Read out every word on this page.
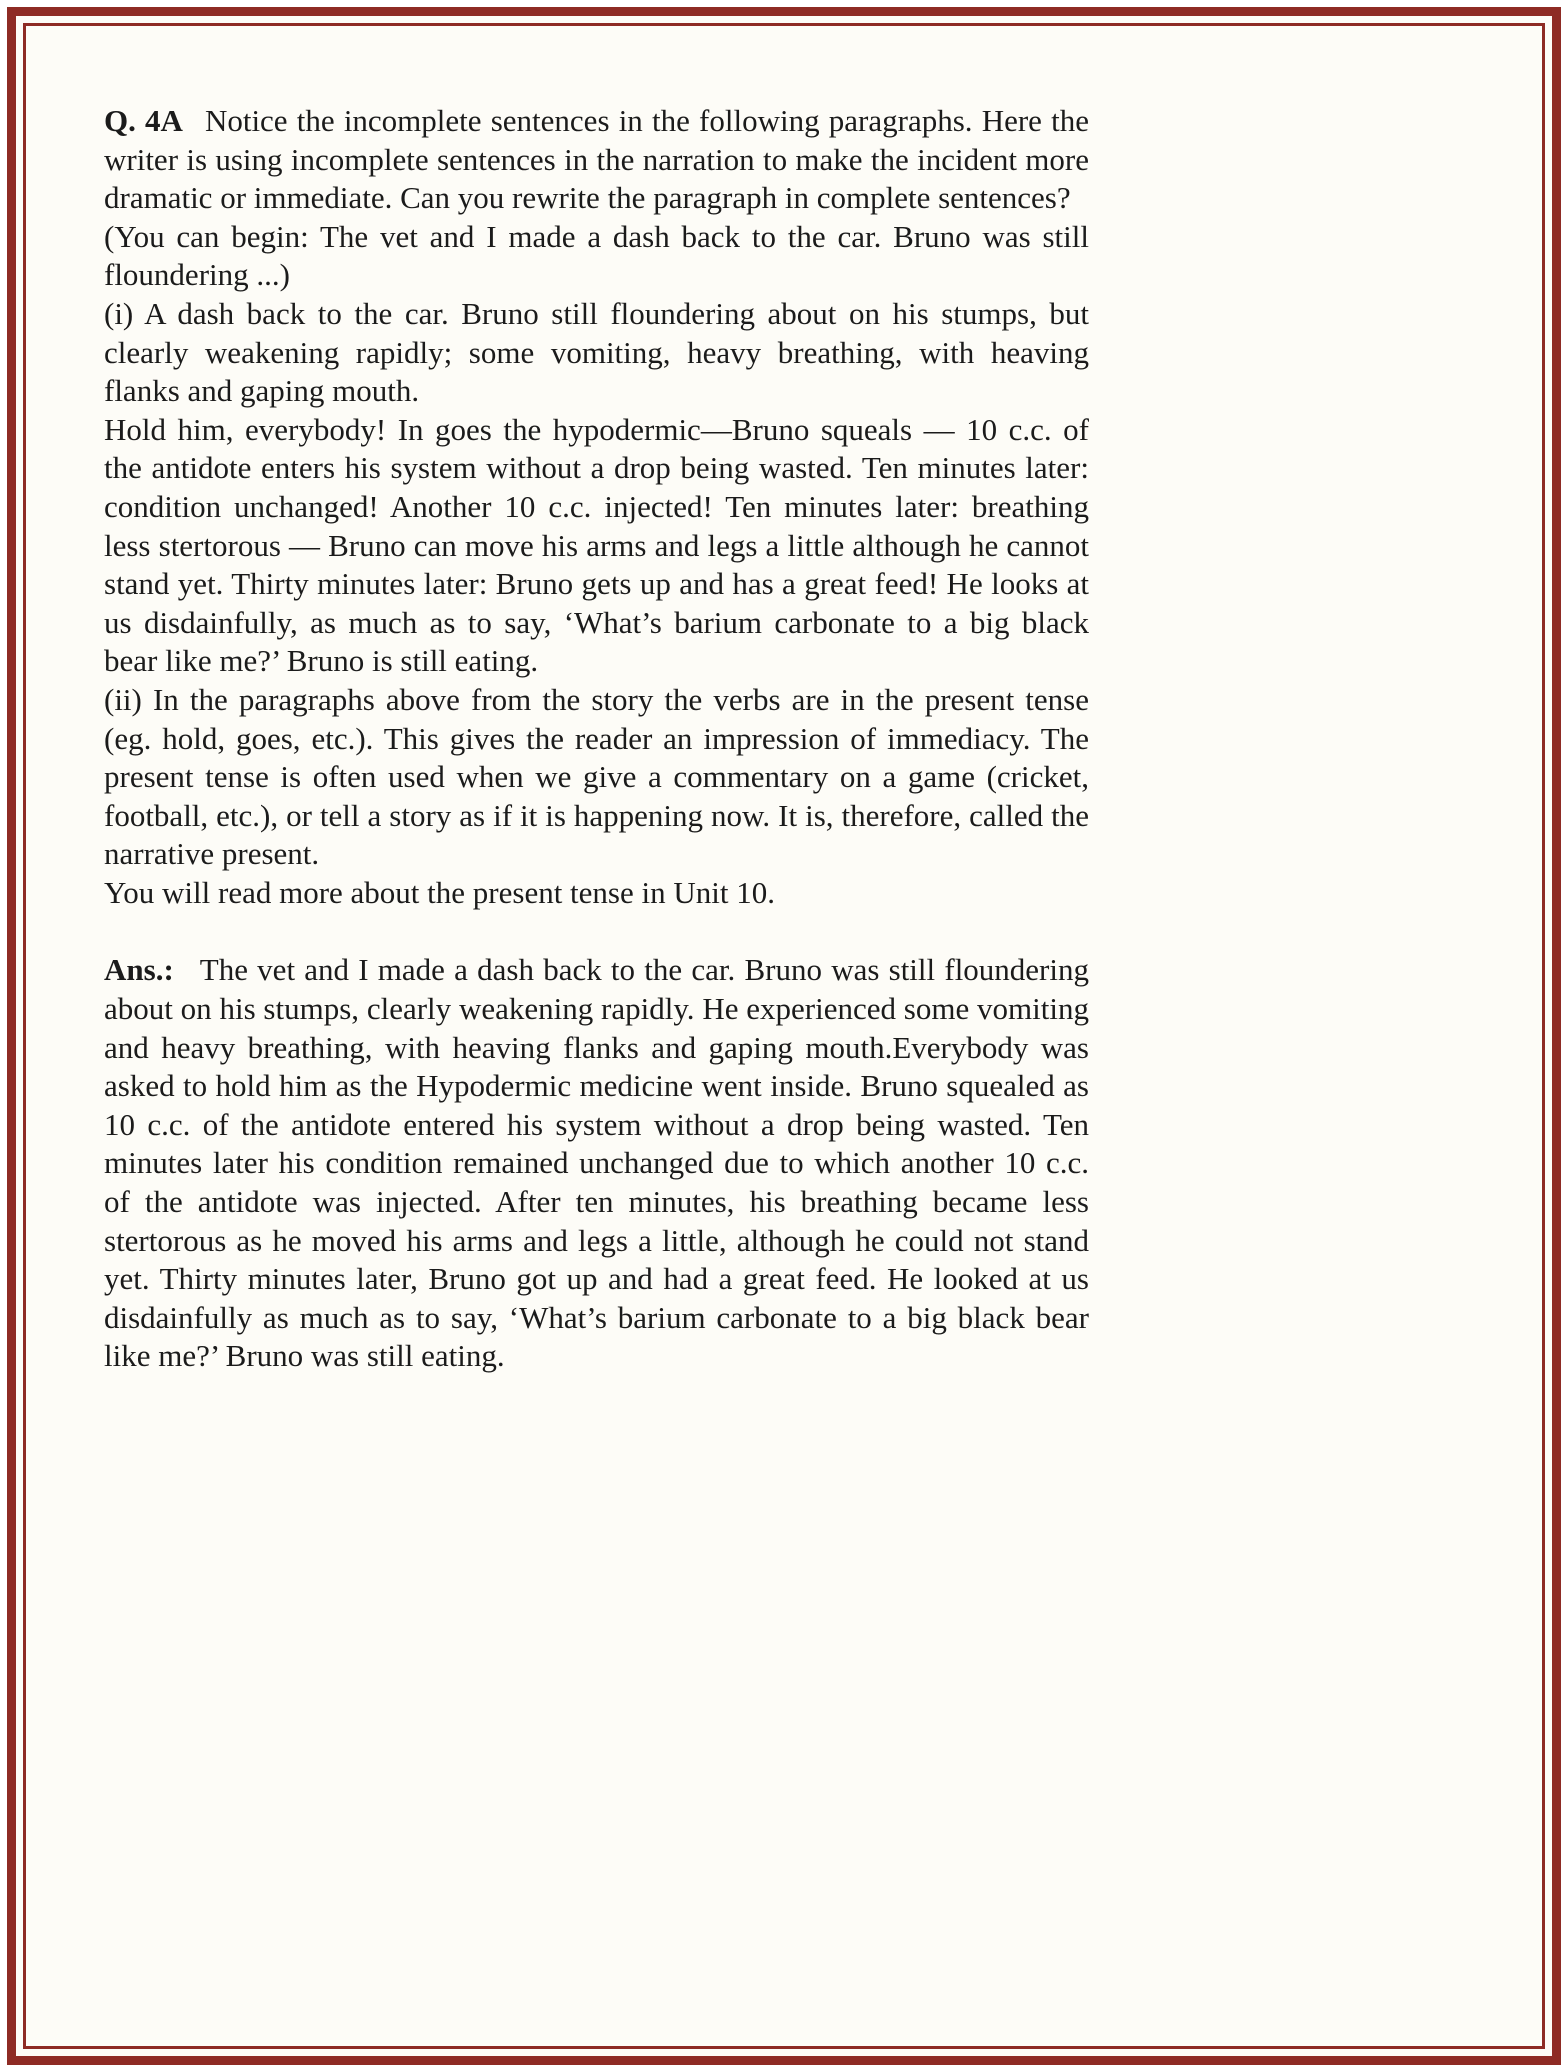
Q. 4A Notice the incomplete sentences in the following paragraphs. Here the writer is using incomplete sentences in the narration to make the incident more dramatic or immediate. Can you rewrite the paragraph in complete sentences?

(You can begin: The vet and I made a dash back to the car. Bruno was still floundering ...)

(i) A dash back to the car. Bruno still floundering about on his stumps, but clearly weakening rapidly; some vomiting, heavy breathing, with heaving flanks and gaping mouth.

Hold him, everybody! In goes the hypodermic—Bruno squeals — 10 c.c. of the antidote enters his system without a drop being wasted. Ten minutes later: condition unchanged! Another 10 c.c. injected! Ten minutes later: breathing less stertorous — Bruno can move his arms and legs a little although he cannot stand yet. Thirty minutes later: Bruno gets up and has a great feed! He looks at us disdainfully, as much as to say, ‘What’s barium carbonate to a big black bear like me?’ Bruno is still eating.

(ii) In the paragraphs above from the story the verbs are in the present tense (eg. hold, goes, etc.). This gives the reader an impression of immediacy. The present tense is often used when we give a commentary on a game (cricket, football, etc.), or tell a story as if it is happening now. It is, therefore, called the narrative present.

You will read more about the present tense in Unit 10.

Ans.: The vet and I made a dash back to the car. Bruno was still floundering about on his stumps, clearly weakening rapidly. He experienced some vomiting and heavy breathing, with heaving flanks and gaping mouth.Everybody was asked to hold him as the Hypodermic medicine went inside. Bruno squealed as 10 c.c. of the antidote entered his system without a drop being wasted. Ten minutes later his condition remained unchanged due to which another 10 c.c. of the antidote was injected. After ten minutes, his breathing became less stertorous as he moved his arms and legs a little, although he could not stand yet. Thirty minutes later, Bruno got up and had a great feed. He looked at us disdainfully as much as to say, ‘What’s barium carbonate to a big black bear like me?’ Bruno was still eating.
